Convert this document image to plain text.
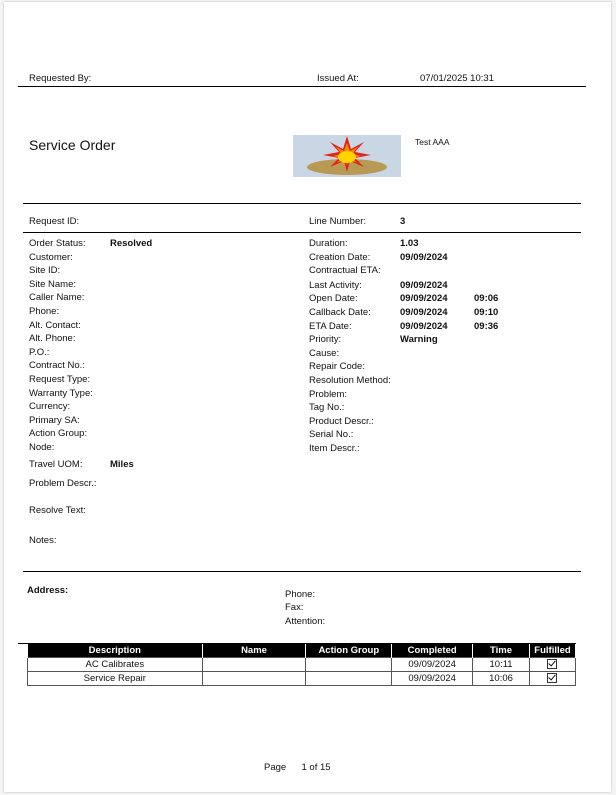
Requested By:	Issued At:	07/01/2025 10:31
Service Order	Test AAA
Request ID:	Line Number:	3
Order Status:	Resolved
Customer:
Site ID:
Site Name:
Caller Name:
Phone:
Alt. Contact:
Alt. Phone:
P.O.:
Contract No.:
Request Type:
Warranty Type:
Currency:
Primary SA:
Action Group:
Node:
Travel UOM:	Miles
Duration:	1.03
Creation Date:	09/09/2024
Contractual ETA:
Last Activity:	09/09/2024
Open Date:	09/09/2024	09:06
Callback Date:	09/09/2024	09:10
ETA Date:	09/09/2024	09:36
Priority:	Warning
Cause:
Repair Code:
Resolution Method:
Problem:
Tag No.:
Product Descr.:
Serial No.:
Item Descr.:
Problem Descr.:
Resolve Text:
Notes:
Address:	Phone:
Fax:
Attention:
Description	Name	Action Group	Completed	Time	Fulfilled
AC Calibrates			09/09/2024	10:11	
Service Repair			09/09/2024	10:06	
Page 1 of 15
